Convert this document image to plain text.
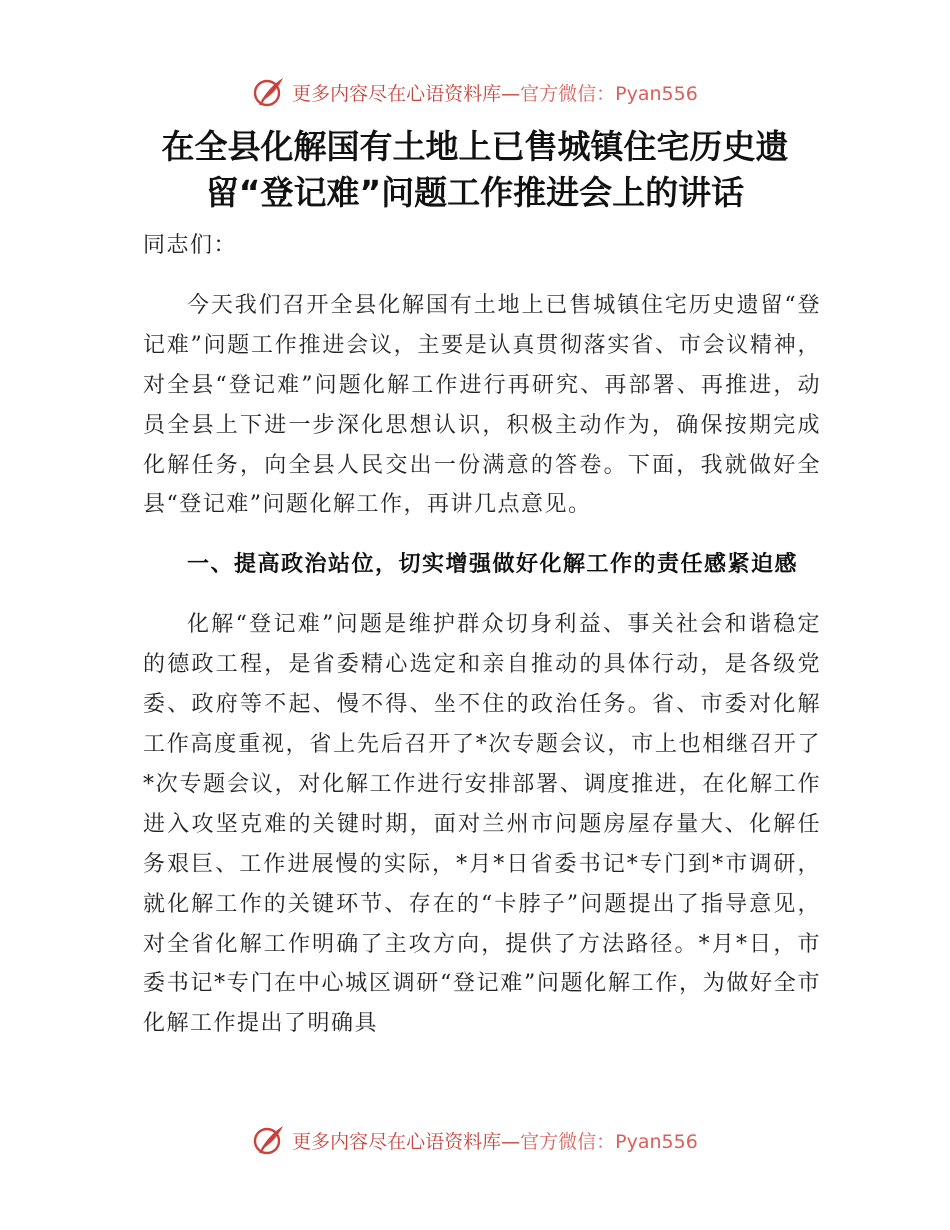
更多内容尽在心语资料库—官方微信：Pyan556
在全县化解国有土地上已售城镇住宅历史遗
留“登记难”问题工作推进会上的讲话

同志们：

今天我们召开全县化解国有土地上已售城镇住宅历史遗留“登记难”问题工作推进会议，主要是认真贯彻落实省、市会议精神，对全县“登记难”问题化解工作进行再研究、再部署、再推进，动员全县上下进一步深化思想认识，积极主动作为，确保按期完成化解任务，向全县人民交出一份满意的答卷。下面，我就做好全县“登记难”问题化解工作，再讲几点意见。

一、提高政治站位，切实增强做好化解工作的责任感紧迫感

化解“登记难”问题是维护群众切身利益、事关社会和谐稳定的德政工程，是省委精心选定和亲自推动的具体行动，是各级党委、政府等不起、慢不得、坐不住的政治任务。省、市委对化解工作高度重视，省上先后召开了*次专题会议，市上也相继召开了*次专题会议，对化解工作进行安排部署、调度推进，在化解工作进入攻坚克难的关键时期，面对兰州市问题房屋存量大、化解任务艰巨、工作进展慢的实际，*月*日省委书记*专门到*市调研，就化解工作的关键环节、存在的“卡脖子”问题提出了指导意见，对全省化解工作明确了主攻方向，提供了方法路径。*月*日，市委书记*专门在中心城区调研“登记难”问题化解工作，为做好全市化解工作提出了明确具

更多内容尽在心语资料库—官方微信：Pyan556
